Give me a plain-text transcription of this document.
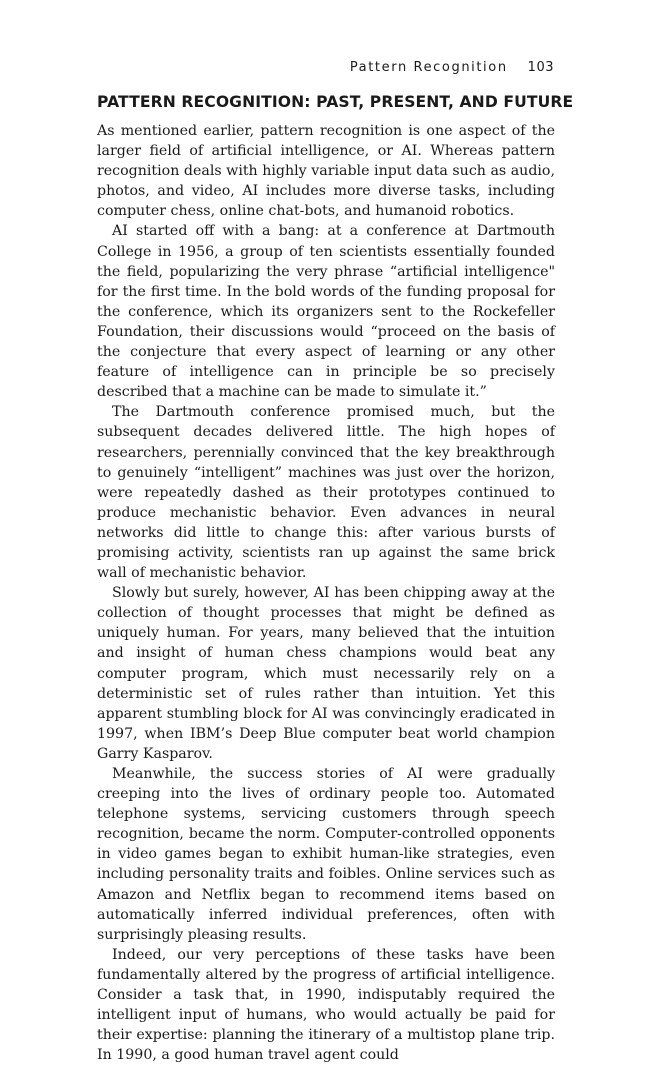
Pattern Recognition 103
PATTERN RECOGNITION: PAST, PRESENT, AND FUTURE

As mentioned earlier, pattern recognition is one aspect of the larger field of artificial intelligence, or AI. Whereas pattern recognition deals with highly variable input data such as audio, photos, and video, AI includes more diverse tasks, including computer chess, online chat-bots, and humanoid robotics.

AI started off with a bang: at a conference at Dartmouth College in 1956, a group of ten scientists essentially founded the field, popularizing the very phrase “artificial intelligence" for the first time. In the bold words of the funding proposal for the conference, which its organizers sent to the Rockefeller Foundation, their discussions would “proceed on the basis of the conjecture that every aspect of learning or any other feature of intelligence can in principle be so precisely described that a machine can be made to simulate it.”

The Dartmouth conference promised much, but the subsequent decades delivered little. The high hopes of researchers, perennially convinced that the key breakthrough to genuinely “intelligent” machines was just over the horizon, were repeatedly dashed as their prototypes continued to produce mechanistic behavior. Even advances in neural networks did little to change this: after various bursts of promising activity, scientists ran up against the same brick wall of mechanistic behavior.

Slowly but surely, however, AI has been chipping away at the collection of thought processes that might be defined as uniquely human. For years, many believed that the intuition and insight of human chess champions would beat any computer program, which must necessarily rely on a deterministic set of rules rather than intuition. Yet this apparent stumbling block for AI was convincingly eradicated in 1997, when IBM’s Deep Blue computer beat world champion Garry Kasparov.

Meanwhile, the success stories of AI were gradually creeping into the lives of ordinary people too. Automated telephone systems, servicing customers through speech recognition, became the norm. Computer-controlled opponents in video games began to exhibit human-like strategies, even including personality traits and foibles. Online services such as Amazon and Netflix began to recommend items based on automatically inferred individual preferences, often with surprisingly pleasing results.

Indeed, our very perceptions of these tasks have been fundamentally altered by the progress of artificial intelligence. Consider a task that, in 1990, indisputably required the intelligent input of humans, who would actually be paid for their expertise: planning the itinerary of a multistop plane trip. In 1990, a good human travel agent could
